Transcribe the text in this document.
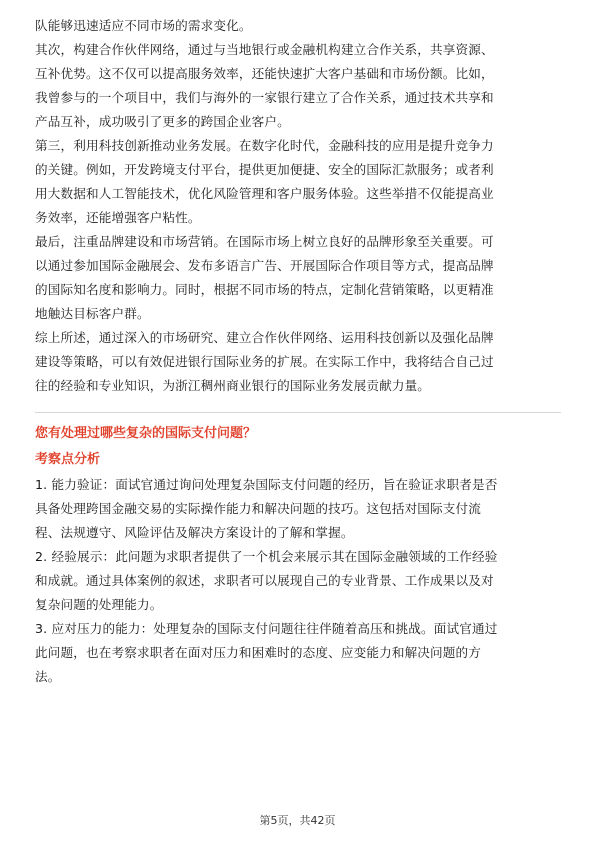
队能够迅速适应不同市场的需求变化。

其次，构建合作伙伴网络，通过与当地银行或金融机构建立合作关系，共享资源、

互补优势。这不仅可以提高服务效率，还能快速扩大客户基础和市场份额。比如，

我曾参与的一个项目中，我们与海外的一家银行建立了合作关系，通过技术共享和

产品互补，成功吸引了更多的跨国企业客户。

第三，利用科技创新推动业务发展。在数字化时代，金融科技的应用是提升竞争力

的关键。例如，开发跨境支付平台，提供更加便捷、安全的国际汇款服务；或者利

用大数据和人工智能技术，优化风险管理和客户服务体验。这些举措不仅能提高业

务效率，还能增强客户粘性。

最后，注重品牌建设和市场营销。在国际市场上树立良好的品牌形象至关重要。可

以通过参加国际金融展会、发布多语言广告、开展国际合作项目等方式，提高品牌

的国际知名度和影响力。同时，根据不同市场的特点，定制化营销策略，以更精准

地触达目标客户群。

综上所述，通过深入的市场研究、建立合作伙伴网络、运用科技创新以及强化品牌

建设等策略，可以有效促进银行国际业务的扩展。在实际工作中，我将结合自己过

往的经验和专业知识，为浙江稠州商业银行的国际业务发展贡献力量。

您有处理过哪些复杂的国际支付问题？

考察点分析

1. 能力验证：面试官通过询问处理复杂国际支付问题的经历，旨在验证求职者是否

具备处理跨国金融交易的实际操作能力和解决问题的技巧。这包括对国际支付流

程、法规遵守、风险评估及解决方案设计的了解和掌握。

2. 经验展示：此问题为求职者提供了一个机会来展示其在国际金融领域的工作经验

和成就。通过具体案例的叙述，求职者可以展现自己的专业背景、工作成果以及对

复杂问题的处理能力。

3. 应对压力的能力：处理复杂的国际支付问题往往伴随着高压和挑战。面试官通过

此问题，也在考察求职者在面对压力和困难时的态度、应变能力和解决问题的方

法。

第5页，共42页
